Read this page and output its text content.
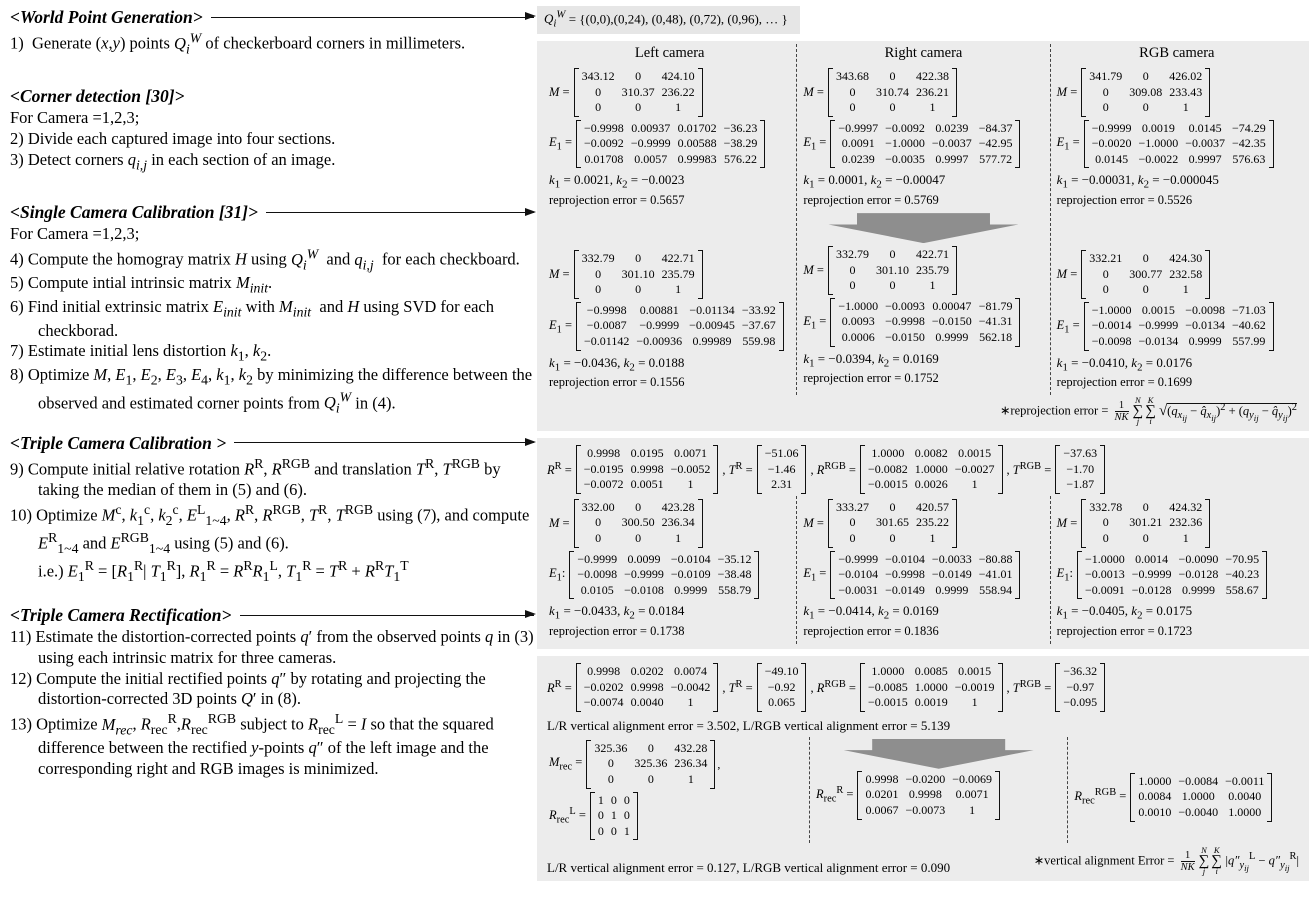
<World Point Generation>
1)  Generate (x,y) points $Q_i^W$ of checkerboard corners in millimeters.
<Corner detection [30]>
For Camera =1,2,3;
2) Divide each captured image into four sections.
3) Detect corners $q_{i,j}$ in each section of an image.
<Single Camera Calibration [31]>
For Camera =1,2,3;
4) Compute the homogray matrix H using $Q_i^W$  and $q_{i,j}$  for each checkboard.
5) Compute intial intrinsic matrix $M_{init}$.
6) Find initial extrinsic matrix $E_{init}$ with $M_{init}$  and H using SVD for each checkborad.
7) Estimate initial lens distortion $k_1$, $k_2$.
8) Optimize M, $E_1$, $E_2$, $E_3$, $E_4$, $k_1$, $k_2$ by minimizing the difference between the observed and estimated corner points from $Q_i^W$ in (4).
<Triple Camera Calibration >
9) Compute initial relative rotation $R^R$, $R^{RGB}$ and translation $T^R$, $T^{RGB}$ by taking the median of them in (5) and (6).
10) Optimize $M^c$, $k_1^c$, $k_2^c$, $E^L_{1\sim 4}$, $R^R$, $R^{RGB}$, $T^R$, $T^{RGB}$ using (7), and compute $E^R_{1\sim 4}$ and $E^{RGB}_{1\sim 4}$ using (5) and (6).
i.e.) $E_1^R = [R_1^R|$ $T_1^R$], $R_1^R = R^RR_1^L$, $T_1^R = T^R + R^RT_1^T$
<Triple Camera Rectification>
11) Estimate the distortion-corrected points q′ from the observed points q in (3) using each intrinsic matrix for three cameras.
12) Compute the initial rectified points q″ by rotating and projecting the distortion-corrected 3D points Q′ in (8).
13) Optimize $M_{rec}$, $R_{rec}^R,R_{rec}^{RGB}$ subject to $R_{rec}^L = I$ so that the squared difference between the rectified y-points q″ of the left image and the corresponding right and RGB images is minimized.
$Q_i^W = \{(0,0),(0,24)$, (0,48), (0,72), (0,96), … }
Left camera
M =
343.12	0	424.10
0	310.37 236.22
0	0	1
$E_1$ =
−0.9998 0.00937 0.01702 −36.23
−0.0092 −0.9999 0.00588 −38.29
0.01708 0.0057 0.99983 576.22
$k_1 = 0.0021$, $k_2 = -0.0023$
reprojection error = 0.5657
M =
332.79	0	422.71
0	301.10 235.79
0	0	1
$E_1$ =
−0.9998 0.00881 −0.01134 −33.92
−0.0087 −0.9999 −0.00945 −37.67
−0.01142 −0.00936 0.99989 559.98
$k_1 = -0.0436$, $k_2 = 0.0188$
reprojection error = 0.1556
Right camera
M =
343.68	0	422.38
0	310.74 236.21
0	0	1
$E_1$ =
−0.9997 −0.0092 0.0239 −84.37
0.0091 −1.0000 −0.0037 −42.95
0.0239 −0.0035 0.9997 577.72
$k_1 = 0.0001$, $k_2 = -0.00047$
reprojection error = 0.5769
M =
332.79	0	422.71
0	301.10 235.79
0	0	1
$E_1$ =
−1.0000 −0.0093 0.00047 −81.79
0.0093 −0.9998 −0.0150 −41.31
0.0006 −0.0150 0.9999 562.18
$k_1 = -0.0394$, $k_2 = 0.0169$
reprojection error = 0.1752
RGB camera
M =
341.79	0	426.02
0	309.08 233.43
0	0	1
$E_1$ =
−0.9999 0.0019 0.0145 −74.29
−0.0020 −1.0000 −0.0037 −42.35
0.0145 −0.0022 0.9997 576.63
$k_1 = -0.00031$, $k_2 = -0.000045$
reprojection error = 0.5526
M =
332.21	0	424.30
0	300.77 232.58
0	0	1
$E_1$ =
−1.0000 0.0015 −0.0098 −71.03
−0.0014 −0.9999 −0.0134 −40.62
−0.0098 −0.0134 0.9999 557.99
$k_1 = -0.0410$, $k_2 = 0.0176$
reprojection error = 0.1699
∗reprojection error = $\frac{1}{NK}$ N
∑
j
K
∑
i
$√(q_{x_{ij}}$ − $q̂_{x_{ij}})^2 + (q_{y_{ij}}$ − $q̂_{y_{ij}})^2$
$R^R$ =
0.9998 0.0195 0.0071
−0.0195 0.9998 −0.0052
−0.0072 0.0051	1
, $T^R$ =
−51.06
−1.46
2.31
, $R^{RGB}$ =
1.0000 0.0082 0.0015
−0.0082 1.0000 −0.0027
−0.0015 0.0026	1
, $T^{RGB}$ =
−37.63
−1.70
−1.87
M =
332.00	0	423.28
0	300.50 236.34
0	0	1
$E_1$:
−0.9999 0.0099 −0.0104 −35.12
−0.0098 −0.9999 −0.0109 −38.48
0.0105 −0.0108 0.9999 558.79
$k_1 = -0.0433$, $k_2 = 0.0184$
reprojection error = 0.1738
M =
333.27	0	420.57
0	301.65 235.22
0	0	1
$E_1$ =
−0.9999 −0.0104 −0.0033 −80.88
−0.0104 −0.9998 −0.0149 −41.01
−0.0031 −0.0149 0.9999 558.94
$k_1 = -0.0414$, $k_2 = 0.0169$
reprojection error = 0.1836
M =
332.78	0	424.32
0	301.21 232.36
0	0	1
$E_1$:
−1.0000 0.0014 −0.0090 −70.95
−0.0013 −0.9999 −0.0128 −40.23
−0.0091 −0.0128 0.9999 558.67
$k_1 = -0.0405$, $k_2 = 0.0175$
reprojection error = 0.1723
$R^R$ =
0.9998 0.0202 0.0074
−0.0202 0.9998 −0.0042
−0.0074 0.0040	1
, $T^R$ =
−49.10
−0.92
0.065
, $R^{RGB}$ =
1.0000 0.0085 0.0015
−0.0085 1.0000 −0.0019
−0.0015 0.0019	1
, $T^{RGB}$ =
−36.32
−0.97
−0.095
L/R vertical alignment error = 3.502, L/RGB vertical alignment error = 5.139
$M_{rec}$ =
325.36	0	432.28
0	325.36 236.34
0	0	1
,
$R_{rec}^L$ =
1 0 0
0 1 0
0 0 1
$R_{rec}^R$ =
0.9998 −0.0200 −0.0069
0.0201 0.9998 0.0071
0.0067 −0.0073	1
$R_{rec}^{RGB}$ =
1.0000 −0.0084 −0.0011
0.0084 1.0000 0.0040
0.0010 −0.0040 1.0000
L/R vertical alignment error = 0.127, L/RGB vertical alignment error = 0.090	∗vertical alignment Error = $\frac{1}{NK}$ N
∑
j
K
∑
i
 $|q''_{y_{ij}}^L - q''_{y_{ij}}^R|$
